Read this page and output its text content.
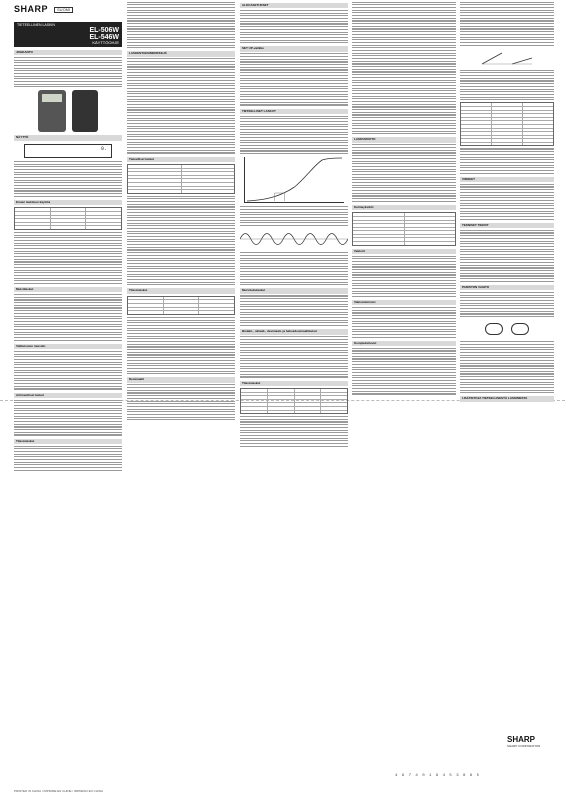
SHARP	SUOMI
TIETEELLINEN LASKIN
EL-506W
EL-546W
KÄYTTÖOHJE
JOHDANTO
NÄYTTÖ
0.
Ennen laskimen käyttöä
Muistilaskut
Välitulosten muistiin
Aritmeettiset laskut
Tilastolaskut
LASKENTAESIMERKKEJÄ
Tieteelliset laskut
Tilastolaskut
Desimaalit
ALKUASETUKSET
SET UP-valikko
TIETEELLISET LASKUT
Murtolukulaskut
Binääri-, oktaali-, desimaali- ja heksadesimaalilaskut
Tilastolaskut
LASKUMUOTO
Kulmayksiköt
Vektorit
Vakiotoiminnot
Kompleksiluvut
VIRHEET
TEKNISET TIEDOT
PARISTON VAIHTO
LISÄTIETOJA TIETEELLISESTÄ LASKIMESTA
SHARP
SHARP CORPORATION
4 9 7 4 0 1 9 4 5 3 8 8 5
PRINTED IN CHINA / IMPRIME EN CHINE / IMPRESO EN CHINA
